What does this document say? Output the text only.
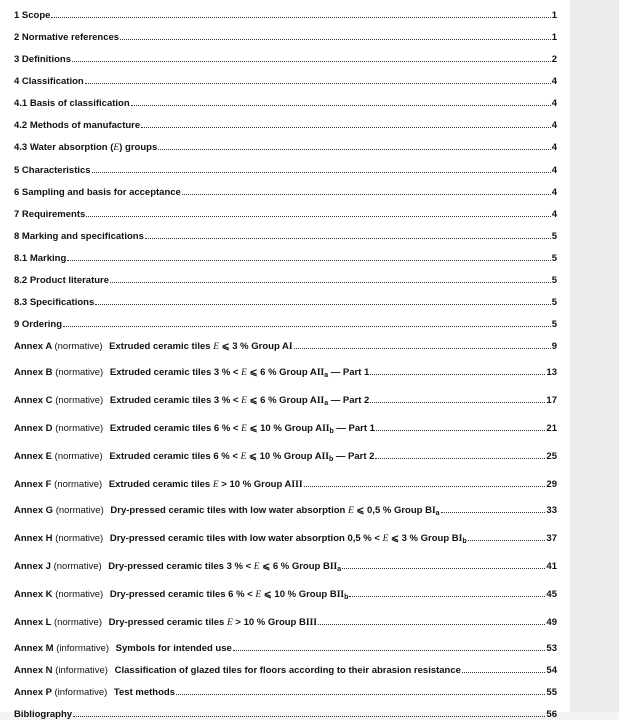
1 Scope	1
2 Normative references	1
3 Definitions	2
4 Classification	4
4.1 Basis of classification	4
4.2 Methods of manufacture	4
4.3 Water absorption (E) groups	4
5 Characteristics	4
6 Sampling and basis for acceptance	4
7 Requirements	4
8 Marking and specifications	5
8.1 Marking	5
8.2 Product literature	5
8.3 Specifications	5
9 Ordering	5
Annex A (normative) Extruded ceramic tiles E ⩽ 3 % Group AI	9
Annex B (normative) Extruded ceramic tiles 3 % < E ⩽ 6 % Group $AII_a$ — Part 1	13
Annex C (normative) Extruded ceramic tiles 3 % < E ⩽ 6 % Group $AII_a$ — Part 2	17
Annex D (normative) Extruded ceramic tiles 6 % < E ⩽ 10 % Group $AII_b$ — Part 1	21
Annex E (normative) Extruded ceramic tiles 6 % < E ⩽ 10 % Group $AII_b$ — Part 2	25
Annex F (normative) Extruded ceramic tiles E > 10 % Group AIII	29
Annex G (normative) Dry-pressed ceramic tiles with low water absorption E ⩽ 0,5 % Group $BI_a$	33
Annex H (normative) Dry-pressed ceramic tiles with low water absorption 0,5 % < E ⩽ 3 % Group $BI_b$	37
Annex J (normative) Dry-pressed ceramic tiles 3 % < E ⩽ 6 % Group $BII_a$	41
Annex K (normative) Dry-pressed ceramic tiles 6 % < E ⩽ 10 % Group $BII_b$	45
Annex L (normative) Dry-pressed ceramic tiles E > 10 % Group BIII	49
Annex M (informative) Symbols for intended use	53
Annex N (informative) Classification of glazed tiles for floors according to their abrasion resistance	54
Annex P (informative) Test methods	55
Bibliography	56
